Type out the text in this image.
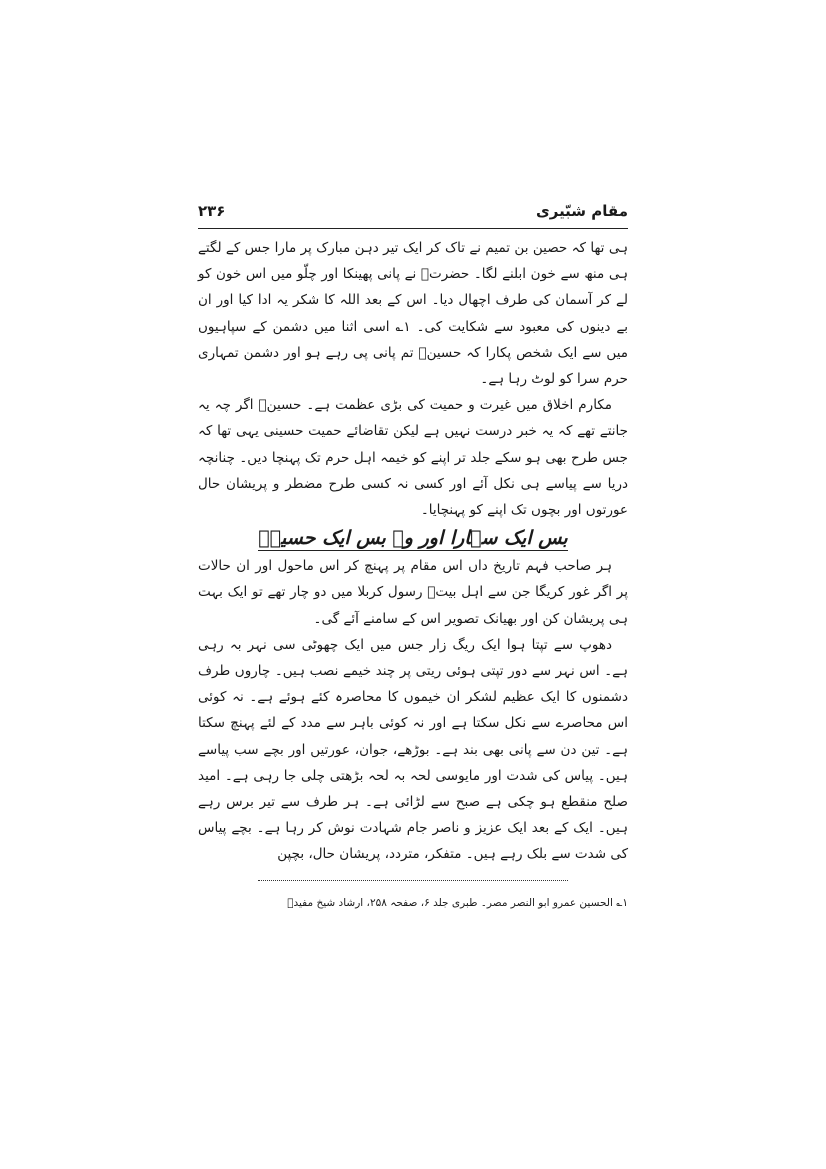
مقام شبّیری
۲۳۶

ہی تھا کہ حصین بن تمیم نے تاک کر ایک تیر دہن مبارک پر مارا جس کے لگتے ہی منھ سے خون ابلنے لگا۔ حضرتؑ نے پانی پھینکا اور چلّو میں اس خون کو لے کر آسمان کی طرف اچھال دیا۔ اس کے بعد اللہ کا شکر یہ ادا کیا اور ان بے دینوں کی معبود سے شکایت کی۔ ۱؎ اسی اثنا میں دشمن کے سپاہیوں میں سے ایک شخص پکارا کہ حسینؑ تم پانی پی رہے ہو اور دشمن تمہاری حرم سرا کو لوٹ رہا ہے۔

مکارم اخلاق میں غیرت و حمیت کی بڑی عظمت ہے۔ حسینؑ اگر چہ یہ جانتے تھے کہ یہ خبر درست نہیں ہے لیکن تقاضائے حمیت حسینی یہی تھا کہ جس طرح بھی ہو سکے جلد تر اپنے کو خیمہ اہل حرم تک پہنچا دیں۔ چنانچہ دریا سے پیاسے ہی نکل آئے اور کسی نہ کسی طرح مضطر و پریشان حال عورتوں اور بچوں تک اپنے کو پہنچایا۔

بس ایک سہارا اور وہ بس ایک حسینؑ

ہر صاحب فہم تاریخ داں اس مقام پر پہنچ کر اس ماحول اور ان حالات پر اگر غور کریگا جن سے اہل بیتؑ رسول کربلا میں دو چار تھے تو ایک بہت ہی پریشان کن اور بھیانک تصویر اس کے سامنے آئے گی۔

دھوپ سے تپتا ہوا ایک ریگ زار جس میں ایک چھوٹی سی نہر بہ رہی ہے۔ اس نہر سے دور تپتی ہوئی ریتی پر چند خیمے نصب ہیں۔ چاروں طرف دشمنوں کا ایک عظیم لشکر ان خیموں کا محاصرہ کئے ہوئے ہے۔ نہ کوئی اس محاصرے سے نکل سکتا ہے اور نہ کوئی باہر سے مدد کے لئے پہنچ سکتا ہے۔ تین دن سے پانی بھی بند ہے۔ بوڑھے، جوان، عورتیں اور بچے سب پیاسے ہیں۔ پیاس کی شدت اور مایوسی لحہ بہ لحہ بڑھتی چلی جا رہی ہے۔ امید صلح منقطع ہو چکی ہے صبح سے لڑائی ہے۔ ہر طرف سے تیر برس رہے ہیں۔ ایک کے بعد ایک عزیز و ناصر جام شہادت نوش کر رہا ہے۔ بچے پیاس کی شدت سے بلک رہے ہیں۔ متفکر، متردد، پریشان حال، بچپن

۱؎ الحسین عمرو ابو النصر مصر۔ طبری جلد ۶، صفحہ ۲۵۸، ارشاد شیخ مفیدؒ
